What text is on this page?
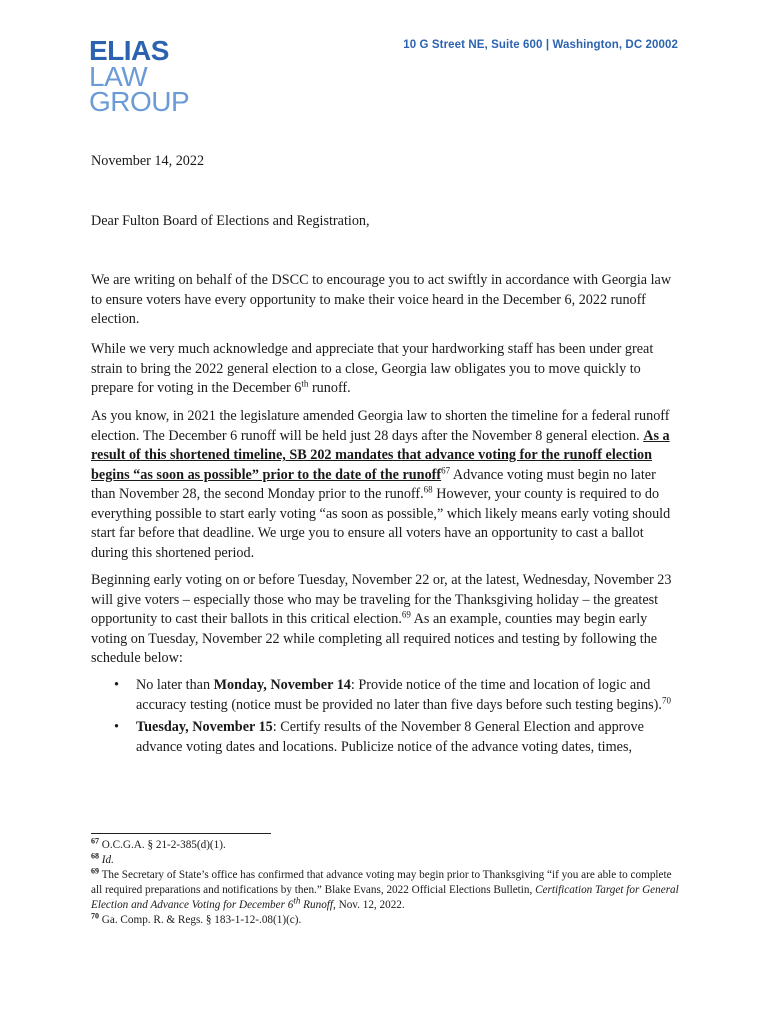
ELIAS
LAW
GROUP
10 G Street NE, Suite 600 | Washington, DC 20002

November 14, 2022

Dear Fulton Board of Elections and Registration,

We are writing on behalf of the DSCC to encourage you to act swiftly in accordance with Georgia law to ensure voters have every opportunity to make their voice heard in the December 6, 2022 runoff election.

While we very much acknowledge and appreciate that your hardworking staff has been under great strain to bring the 2022 general election to a close, Georgia law obligates you to move quickly to prepare for voting in the December 6th runoff.

As you know, in 2021 the legislature amended Georgia law to shorten the timeline for a federal runoff election. The December 6 runoff will be held just 28 days after the November 8 general election. As a result of this shortened timeline, SB 202 mandates that advance voting for the runoff election begins “as soon as possible” prior to the date of the runoff$^{67}$ Advance voting must begin no later than November 28, the second Monday prior to the runoff.$^{68}$ However, your county is required to do everything possible to start early voting “as soon as possible,” which likely means early voting should start far before that deadline. We urge you to ensure all voters have an opportunity to cast a ballot during this shortened period.

Beginning early voting on or before Tuesday, November 22 or, at the latest, Wednesday, November 23 will give voters – especially those who may be traveling for the Thanksgiving holiday – the greatest opportunity to cast their ballots in this critical election.$^{69}$ As an example, counties may begin early voting on Tuesday, November 22 while completing all required notices and testing by following the schedule below:

• No later than Monday, November 14: Provide notice of the time and location of logic and accuracy testing (notice must be provided no later than five days before such testing begins).$^{70}$
• Tuesday, November 15: Certify results of the November 8 General Election and approve advance voting dates and locations. Publicize notice of the advance voting dates, times,
$^{67}$ O.C.G.A. § 21-2-385(d)(1).
$^{68}$ Id.
$^{69}$ The Secretary of State’s office has confirmed that advance voting may begin prior to Thanksgiving “if you are able to complete all required preparations and notifications by then.” Blake Evans, 2022 Official Elections Bulletin, Certification Target for General Election and Advance Voting for December 6th Runoff, Nov. 12, 2022.
$^{70}$ Ga. Comp. R. & Regs. § 183-1-12-.08(1)(c).
